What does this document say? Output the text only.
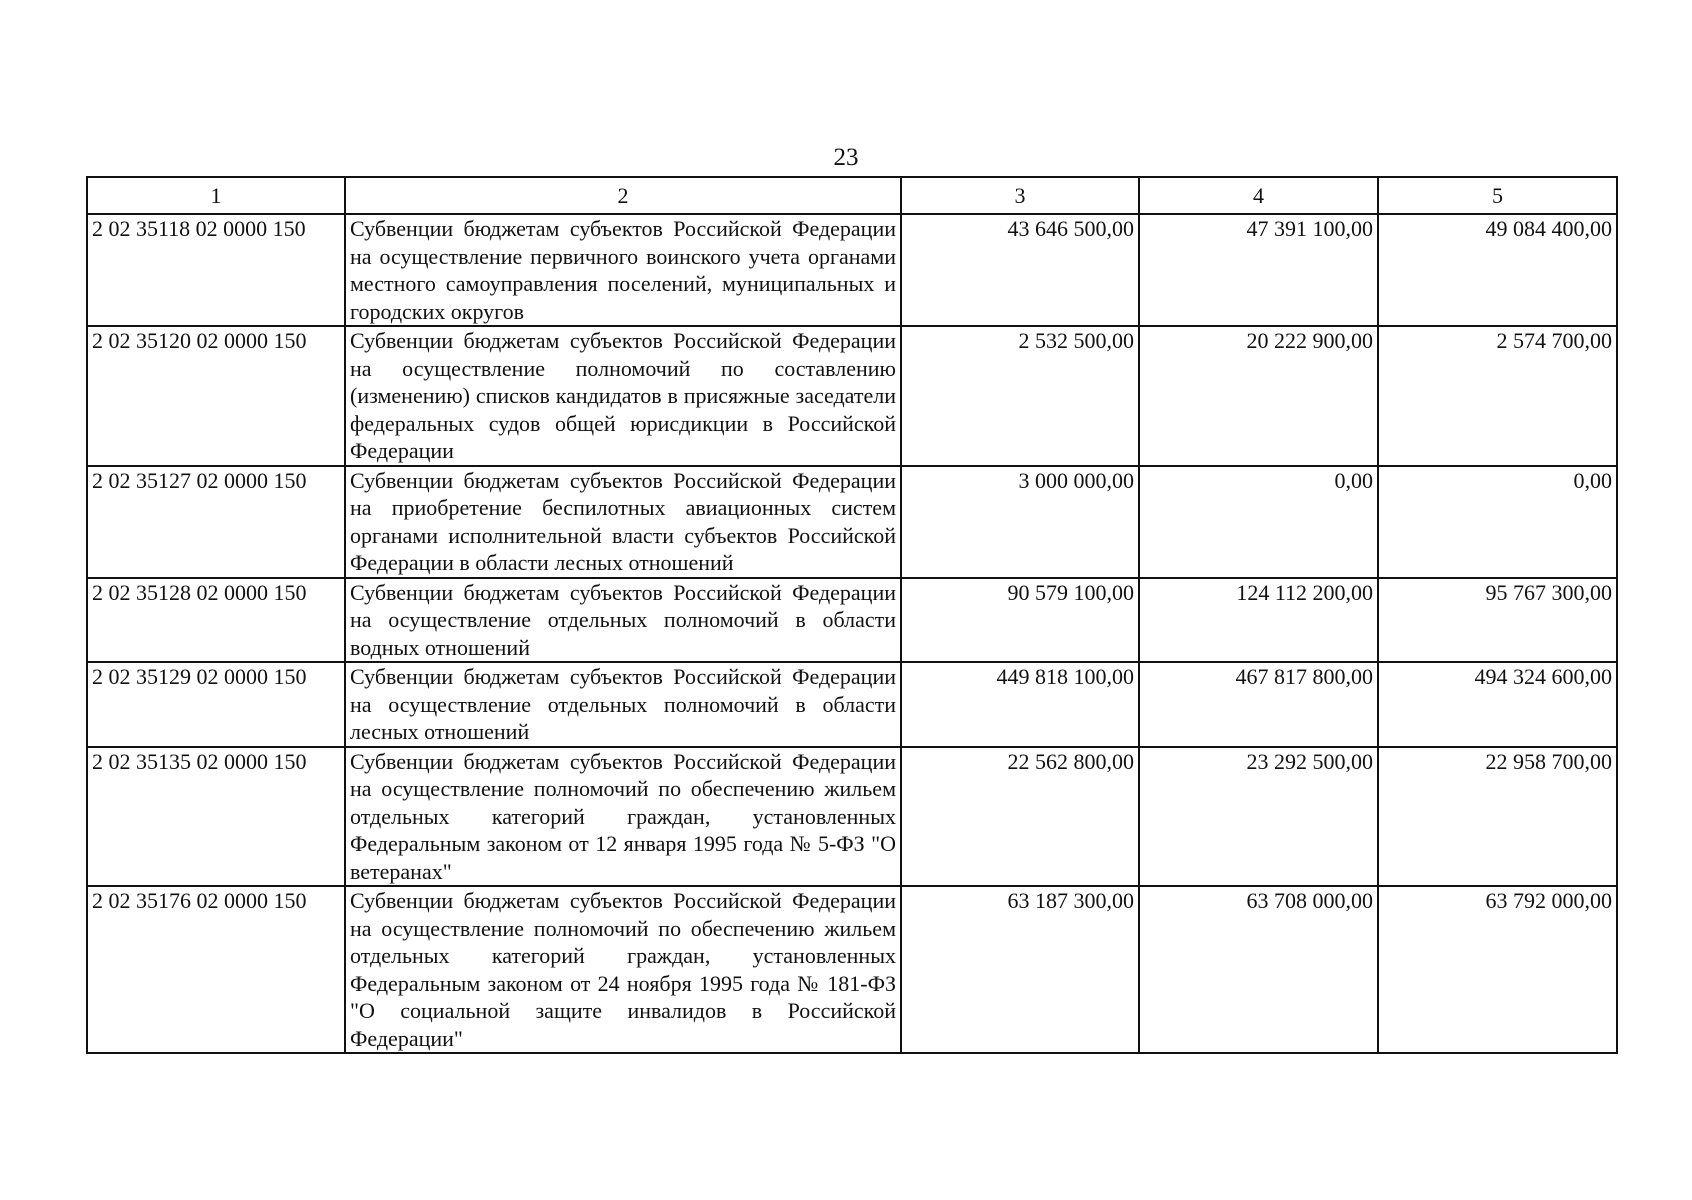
23
1	2	3	4	5
2 02 35118 02 0000 150	Субвенции бюджетам субъектов Российской Федерации на осуществление первичного воинского учета органами местного самоуправления поселений, муниципальных и городских округов	43 646 500,00	47 391 100,00	49 084 400,00
2 02 35120 02 0000 150	Субвенции бюджетам субъектов Российской Федерации на осуществление полномочий по составлению (изменению) списков кандидатов в присяжные заседатели федеральных судов общей юрисдикции в Российской Федерации	2 532 500,00	20 222 900,00	2 574 700,00
2 02 35127 02 0000 150	Субвенции бюджетам субъектов Российской Федерации на приобретение беспилотных авиационных систем органами исполнительной власти субъектов Российской Федерации в области лесных отношений	3 000 000,00	0,00	0,00
2 02 35128 02 0000 150	Субвенции бюджетам субъектов Российской Федерации на осуществление отдельных полномочий в области водных отношений	90 579 100,00	124 112 200,00	95 767 300,00
2 02 35129 02 0000 150	Субвенции бюджетам субъектов Российской Федерации на осуществление отдельных полномочий в области лесных отношений	449 818 100,00	467 817 800,00	494 324 600,00
2 02 35135 02 0000 150	Субвенции бюджетам субъектов Российской Федерации на осуществление полномочий по обеспечению жильем отдельных категорий граждан, установленных Федеральным законом от 12 января 1995 года № 5-ФЗ "О ветеранах"	22 562 800,00	23 292 500,00	22 958 700,00
2 02 35176 02 0000 150	Субвенции бюджетам субъектов Российской Федерации на осуществление полномочий по обеспечению жильем отдельных категорий граждан, установленных Федеральным законом от 24 ноября 1995 года № 181-ФЗ "О социальной защите инвалидов в Российской Федерации"	63 187 300,00	63 708 000,00	63 792 000,00
